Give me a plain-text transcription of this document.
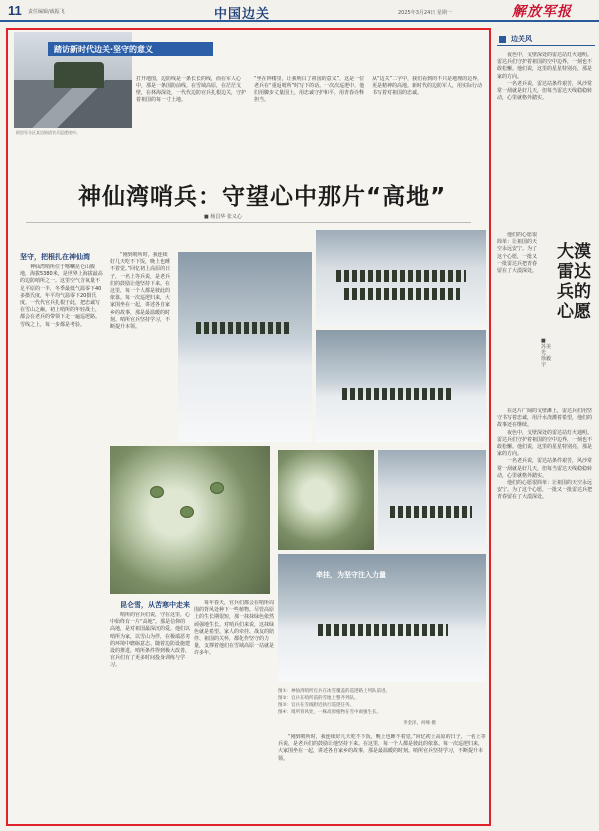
11 责任编辑/戚振飞	中国边关	2025年3月24日 星期一	解放军报
阿里军分区某边防团官兵巡逻途中。
踏访新时代边关·坚守的意义
打开地图，边防线是一条长长的线，而在军人心中，那是一条国防前线。在雪域高原，在茫茫戈壁，在林海深处，一代代边防官兵扎根边关，守护着祖国的每一寸土地。
“坐在钟楼里，让我明白了祖国的意义”，这是一位老兵在“重返哨所”时写下的话。一次次巡逻中，他们用脚步丈量国土，用忠诚守护和平，用青春诠释担当。
从“边关”二字中，我们看到的不只是地理的边界，更是精神的高地。新时代的边防军人，用实际行动书写着对祖国的忠诚。
神仙湾哨兵：守望心中那片“高地”
■ 杨昌华 张义心
坚守，把根扎在神仙湾

神仙湾哨所位于喀喇昆仑山腹地，海拔5380米，是世界上海拔最高的边防哨所之一。这里空气含氧量不足平原的一半，冬季最低气温零下40多摄氏度，年平均气温零下20摄氏度。一代代官兵扎根于此，把忠诚写在雪山之巅。初上哨所的年轻战士，都会在老兵的带领下走一遍巡逻路。雪线之上，每一步都是考验。

“刚到哨所时，我连续好几天吃不下饭，晚上也睡不着觉。”回忆初上高原的日子，一名上等兵说，是老兵们的鼓励让他坚持下来。在这里，每一个人都是彼此的依靠。每一次巡逻归来，大家围坐在一起，讲述各自家乡的故事，那是最温暖的时刻。哨所官兵坚持学习，不断提升本领。

图①：神仙湾哨所官兵在冰雪覆盖的巡逻路上列队前进。
图②：官兵在哨所前的雪地上整齐列队。
图③：官兵在雪线附近执行巡逻任务。
图④：哨所背风处，一株高原植物在雪中顽强生长。
李金泽、何峰 摄
昆仑雪，从苦寒中走来

哨所的官兵们说，守在这里，心中始终有一片“高地”。那是信仰的高地，是对祖国最深沉的爱。他们以哨所为家，以雪山为伴，在极端恶劣的环境中磨砺意志。随着边防设施建设的推进，哨所条件得到极大改善，官兵们有了更多时间投身训练与学习。

每年春天，官兵们都会在哨所周围的背风处种下一些植物。尽管高原上的生长期很短，那一抹抹绿色依然顽强地生长。对哨兵们来说，这抹绿色就是希望。家人的牵挂、战友的陪伴、祖国的关怀，都化作坚守的力量，支撑着他们在雪域高原一站就是许多年。

牵挂，为坚守注入力量

“刚到哨所时，我连续好几天吃不下饭，晚上也睡不着觉。”回忆初上高原的日子，一名上等兵说，是老兵们的鼓励让他坚持下来。在这里，每一个人都是彼此的依靠。每一次巡逻归来，大家围坐在一起，讲述各自家乡的故事，那是最温暖的时刻。哨所官兵坚持学习，不断提升本领。

边关风

夜色中，戈壁深处的雷达站灯火通明。雷达兵们守护着祖国的空中边界，一刻也不敢松懈。他们说，这里的星星特别亮，那是家的方向。

一名老兵说，雷达站条件艰苦，风沙常常一刮就是好几天，但每当雷达天线稳稳转动，心里就格外踏实。

大漠雷达兵的心愿
■ 苏美光 徐毅宇

他们的心愿很简单：让祖国的天空永远安宁。为了这个心愿，一批又一批雷达兵把青春留在了大漠深处。

在这片广阔的戈壁滩上，雷达兵们用坚守书写着忠诚，用汗水浇灌着希望，他们的故事还在继续。

夜色中，戈壁深处的雷达站灯火通明。雷达兵们守护着祖国的空中边界，一刻也不敢松懈。他们说，这里的星星特别亮，那是家的方向。

一名老兵说，雷达站条件艰苦，风沙常常一刮就是好几天，但每当雷达天线稳稳转动，心里就格外踏实。

他们的心愿很简单：让祖国的天空永远安宁。为了这个心愿，一批又一批雷达兵把青春留在了大漠深处。
